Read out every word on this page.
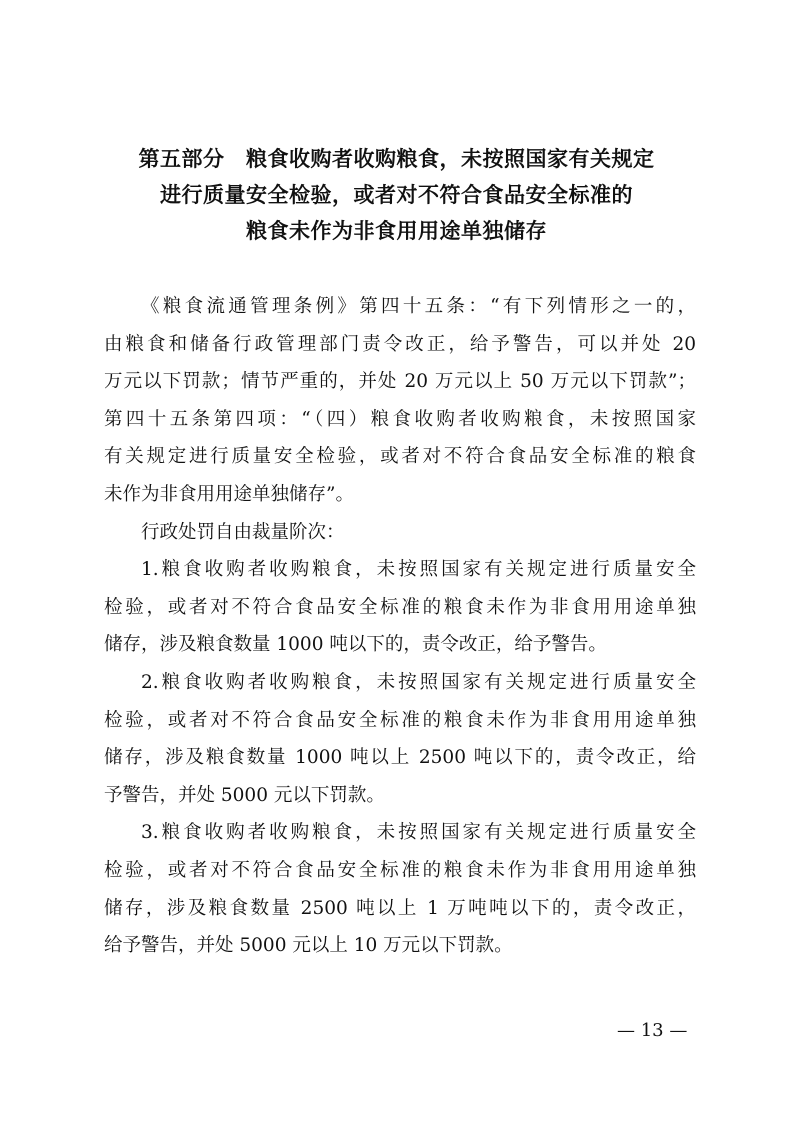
第五部分　粮食收购者收购粮食，未按照国家有关规定
进行质量安全检验，或者对不符合食品安全标准的
粮食未作为非食用用途单独储存
《粮食流通管理条例》第四十五条：“有下列情形之一的，
由粮食和储备行政管理部门责令改正，给予警告，可以并处 20
万元以下罚款；情节严重的，并处 20 万元以上 50 万元以下罚款”；
第四十五条第四项：“（四）粮食收购者收购粮食，未按照国家
有关规定进行质量安全检验，或者对不符合食品安全标准的粮食
未作为非食用用途单独储存”。
行政处罚自由裁量阶次：
1.粮食收购者收购粮食，未按照国家有关规定进行质量安全
检验，或者对不符合食品安全标准的粮食未作为非食用用途单独
储存，涉及粮食数量 1000 吨以下的，责令改正，给予警告。
2.粮食收购者收购粮食，未按照国家有关规定进行质量安全
检验，或者对不符合食品安全标准的粮食未作为非食用用途单独
储存，涉及粮食数量 1000 吨以上 2500 吨以下的，责令改正，给
予警告，并处 5000 元以下罚款。
3.粮食收购者收购粮食，未按照国家有关规定进行质量安全
检验，或者对不符合食品安全标准的粮食未作为非食用用途单独
储存，涉及粮食数量 2500 吨以上 1 万吨吨以下的，责令改正，
给予警告，并处 5000 元以上 10 万元以下罚款。
— 13 —
